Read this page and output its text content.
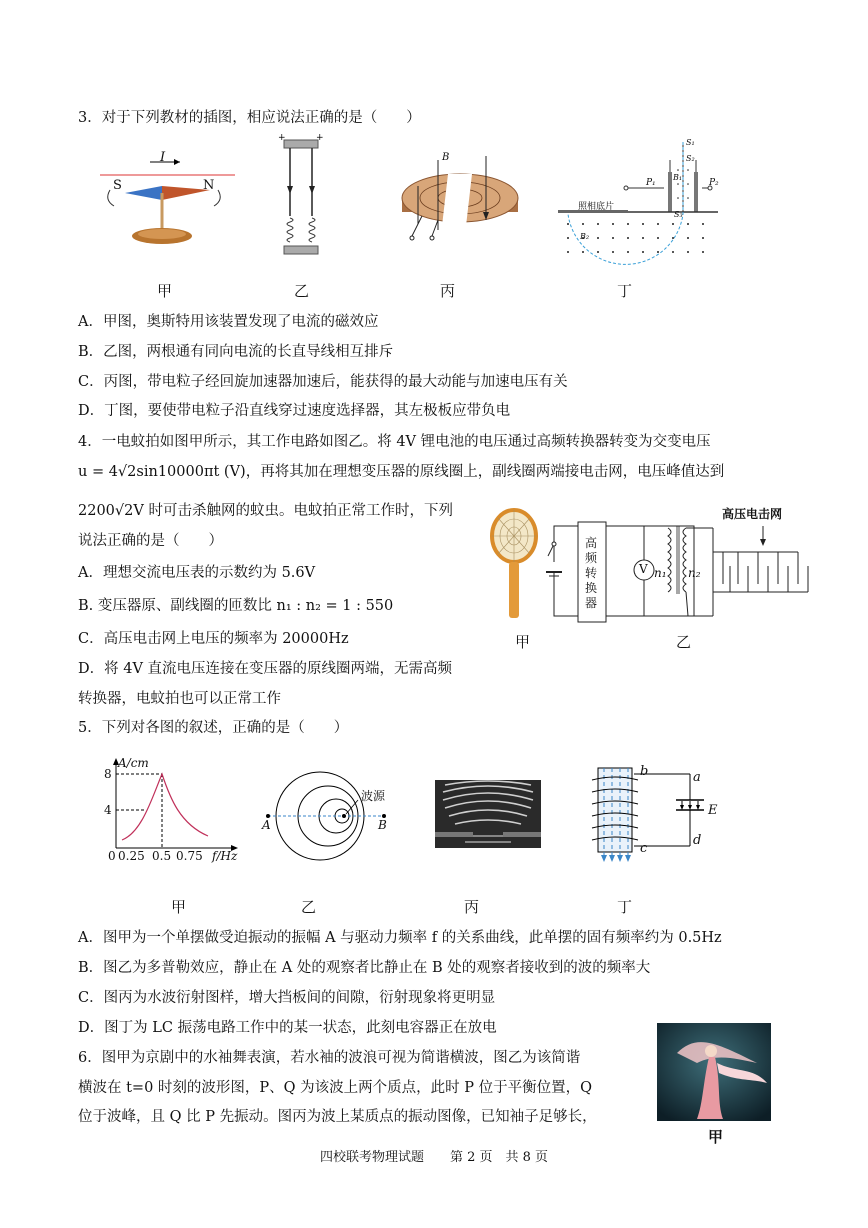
3．对于下列教材的插图，相应说法正确的是（　　）
I
S	N
+	+
B
照相底片
P₁	P₂
S₁
S₂
B₁
S₃
B₂
甲	乙	丙	丁
A．甲图，奥斯特用该装置发现了电流的磁效应
B．乙图，两根通有同向电流的长直导线相互排斥
C．丙图，带电粒子经回旋加速器加速后，能获得的最大动能与加速电压有关
D．丁图，要使带电粒子沿直线穿过速度选择器，其左极板应带负电
4．一电蚊拍如图甲所示，其工作电路如图乙。将 4V 锂电池的电压通过高频转换器转变为交变电压
u = 4√2sin10000πt (V)，再将其加在理想变压器的原线圈上，副线圈两端接电击网，电压峰值达到
2200√2V 时可击杀触网的蚊虫。电蚊拍正常工作时，下列
说法正确的是（　　）
A．理想交流电压表的示数约为 5.6V
B. 变压器原、副线圈的匝数比 n₁ : n₂ = 1 : 550
C．高压电击网上电压的频率为 20000Hz
D．将 4V 直流电压连接在变压器的原线圈两端，无需高频
转换器，电蚊拍也可以正常工作
高压电击网
高
频
转
换
器
V n₁ n₂
甲	乙
5．下列对各图的叙述，正确的是（　　）
A/cm
8
4
0 0.25 0.5 0.75 f/Hz
波源
A	B
b	a
E
d
c
甲	乙	丙	丁
A．图甲为一个单摆做受迫振动的振幅 A 与驱动力频率 f 的关系曲线，此单摆的固有频率约为 0.5Hz
B．图乙为多普勒效应，静止在 A 处的观察者比静止在 B 处的观察者接收到的波的频率大
C．图丙为水波衍射图样，增大挡板间的间隙，衍射现象将更明显
D．图丁为 LC 振荡电路工作中的某一状态，此刻电容器正在放电
6．图甲为京剧中的水袖舞表演，若水袖的波浪可视为简谐横波，图乙为该简谐
横波在 t=0 时刻的波形图，P、Q 为该波上两个质点，此时 P 位于平衡位置，Q
位于波峰，且 Q 比 P 先振动。图丙为波上某质点的振动图像，已知袖子足够长，
甲
四校联考物理试题　　第 2 页　共 8 页
